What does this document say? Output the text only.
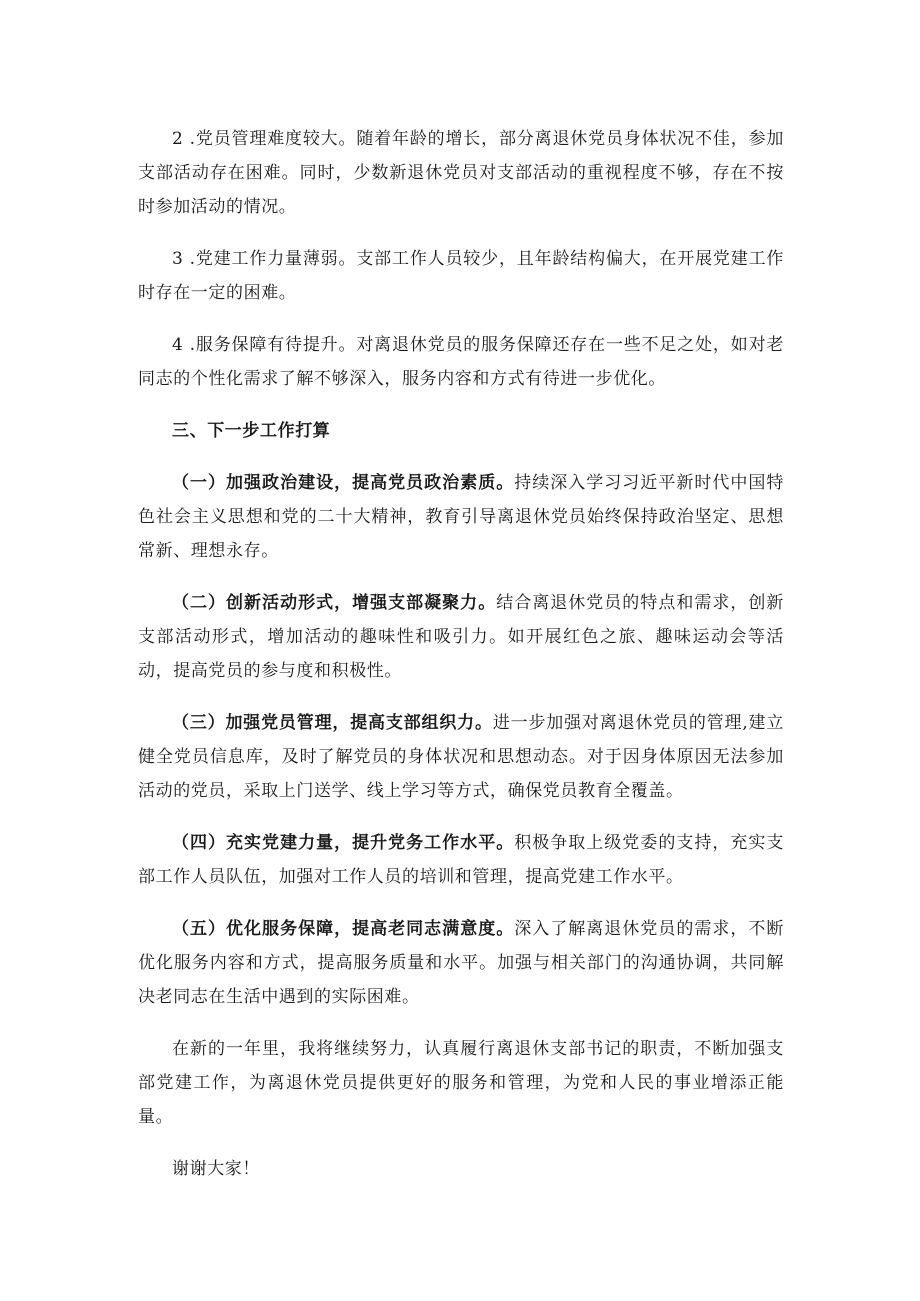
2 .党员管理难度较大。随着年龄的增长，部分离退休党员身体状况不佳，参加支部活动存在困难。同时，少数新退休党员对支部活动的重视程度不够，存在不按时参加活动的情况。

3 .党建工作力量薄弱。支部工作人员较少，且年龄结构偏大，在开展党建工作时存在一定的困难。

4 .服务保障有待提升。对离退休党员的服务保障还存在一些不足之处，如对老同志的个性化需求了解不够深入，服务内容和方式有待进一步优化。

三、下一步工作打算

（一）加强政治建设，提高党员政治素质。持续深入学习习近平新时代中国特色社会主义思想和党的二十大精神，教育引导离退休党员始终保持政治坚定、思想常新、理想永存。

（二）创新活动形式，增强支部凝聚力。结合离退休党员的特点和需求，创新支部活动形式，增加活动的趣味性和吸引力。如开展红色之旅、趣味运动会等活动，提高党员的参与度和积极性。

（三）加强党员管理，提高支部组织力。进一步加强对离退休党员的管理,建立健全党员信息库，及时了解党员的身体状况和思想动态。对于因身体原因无法参加活动的党员，采取上门送学、线上学习等方式，确保党员教育全覆盖。

（四）充实党建力量，提升党务工作水平。积极争取上级党委的支持，充实支部工作人员队伍，加强对工作人员的培训和管理，提高党建工作水平。

（五）优化服务保障，提高老同志满意度。深入了解离退休党员的需求，不断优化服务内容和方式，提高服务质量和水平。加强与相关部门的沟通协调，共同解决老同志在生活中遇到的实际困难。

在新的一年里，我将继续努力，认真履行离退休支部书记的职责，不断加强支部党建工作，为离退休党员提供更好的服务和管理，为党和人民的事业增添正能量。

谢谢大家！
